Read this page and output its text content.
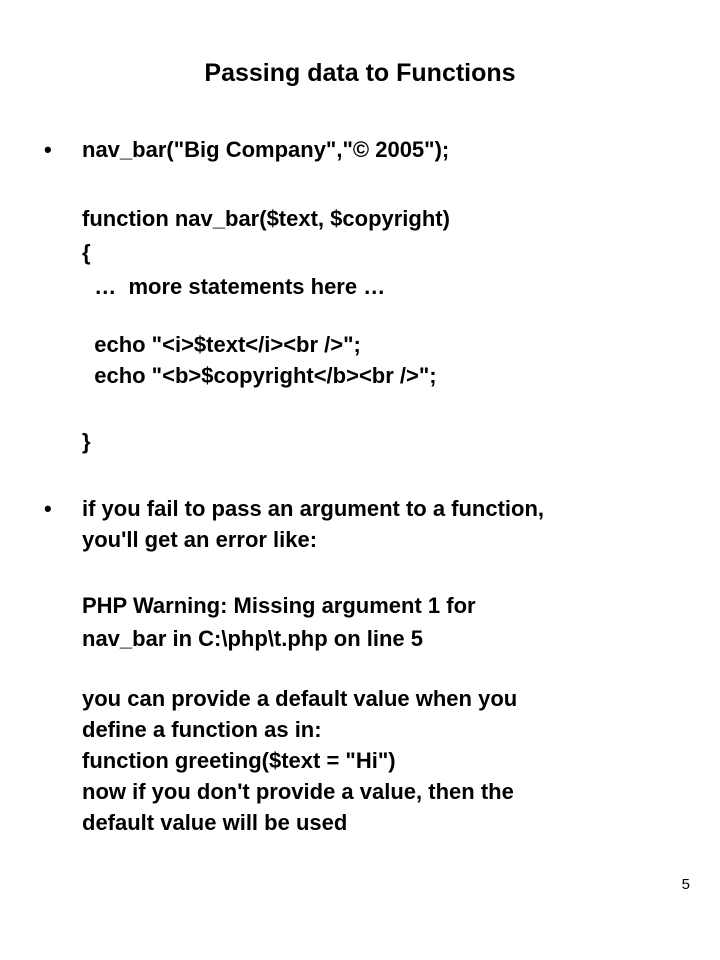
Passing data to Functions
• nav_bar("Big Company","© 2005");
function nav_bar($text, $copyright)
{
…  more statements here …
echo "<i>$text</i><br />";
echo "<b>$copyright</b><br />";
}
• if you fail to pass an argument to a function,
you'll get an error like:
PHP Warning: Missing argument 1 for
nav_bar in C:\php\t.php on line 5
you can provide a default value when you
define a function as in:
function greeting($text = "Hi")
now if you don't provide a value, then the
default value will be used
5
